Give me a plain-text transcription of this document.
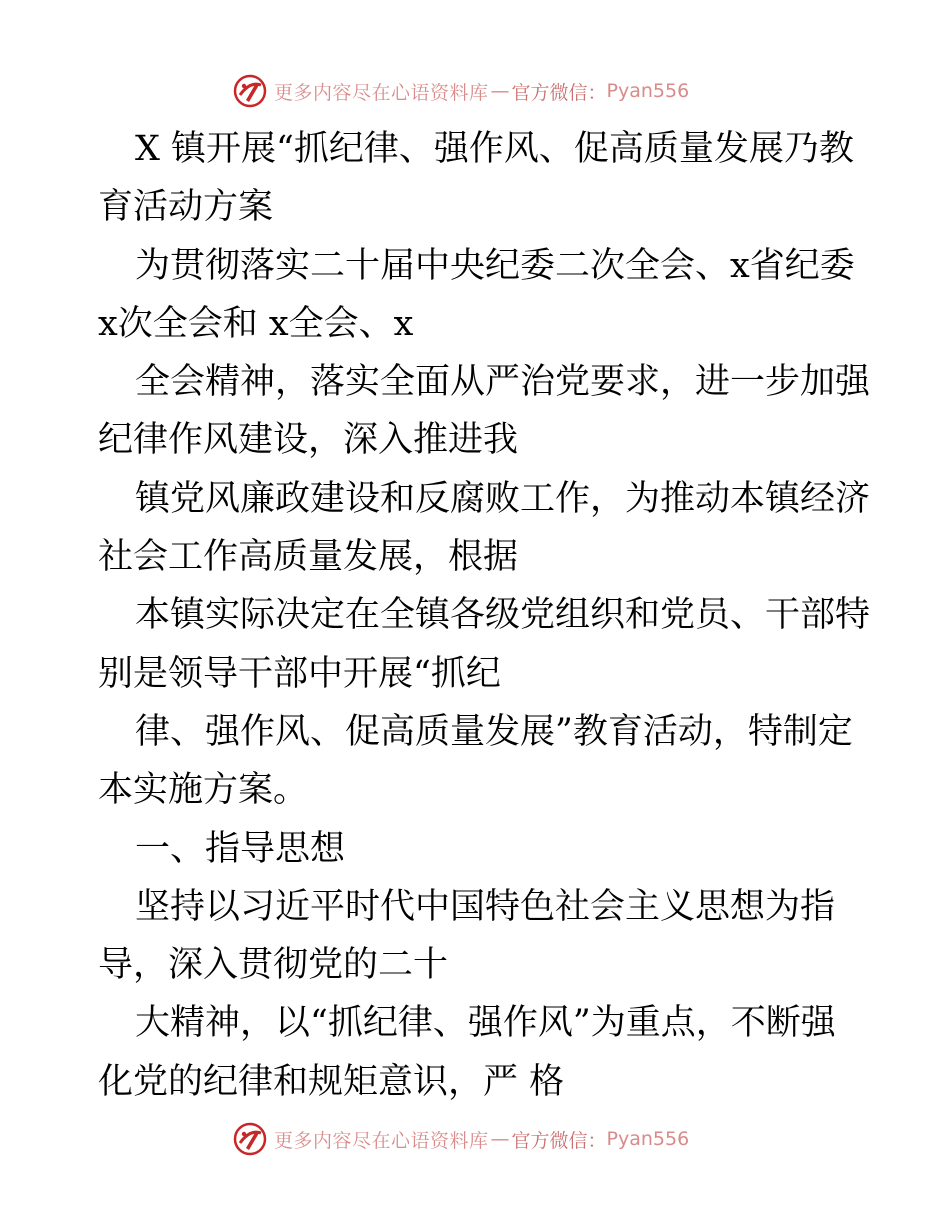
更多内容尽在心语资料库 — 官方微信： Pyan556
X 镇开展“抓纪律、强作风、促高质量发展乃教
育活动方案
为贯彻落实二十届中央纪委二次全会、x省纪委
x次全会和 x全会、x
全会精神，落实全面从严治党要求，进一步加强
纪律作风建设，深入推进我
镇党风廉政建设和反腐败工作，为推动本镇经济
社会工作高质量发展，根据
本镇实际决定在全镇各级党组织和党员、干部特
别是领导干部中开展“抓纪
律、强作风、促高质量发展”教育活动，特制定
本实施方案。
一、指导思想
坚持以习近平时代中国特色社会主义思想为指
导，深入贯彻党的二十
大精神，以“抓纪律、强作风”为重点，不断强
化党的纪律和规矩意识，严 格
更多内容尽在心语资料库 — 官方微信： Pyan556
